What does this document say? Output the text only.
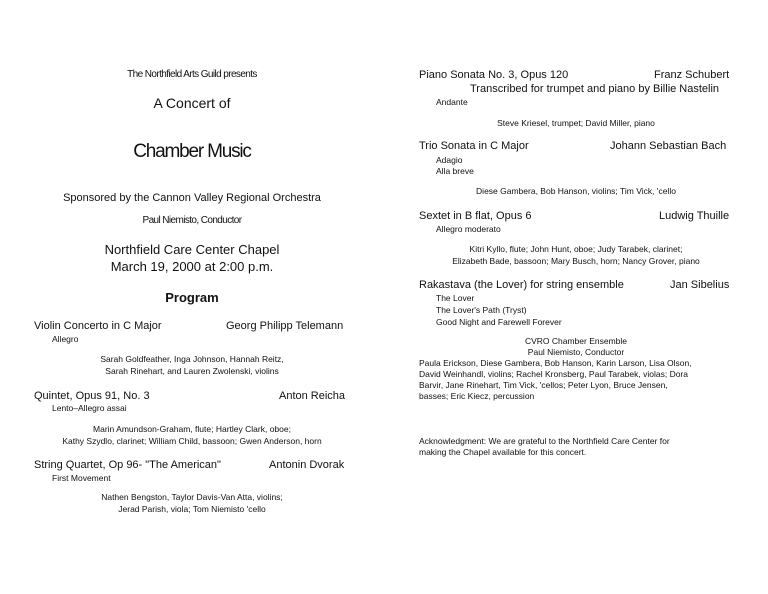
The Northfield Arts Guild presents
A Concert of
Chamber Music
Sponsored by the Cannon Valley Regional Orchestra
Paul Niemisto, Conductor
Northfield Care Center Chapel
March 19, 2000 at 2:00 p.m.
Program
Violin Concerto in C Major	Georg Philipp Telemann
Allegro
Sarah Goldfeather, Inga Johnson, Hannah Reitz,
Sarah Rinehart, and Lauren Zwolenski, violins
Quintet, Opus 91, No. 3	Anton Reicha
Lento–Allegro assai
Marin Amundson-Graham, flute; Hartley Clark, oboe;
Kathy Szydlo, clarinet; William Child, bassoon; Gwen Anderson, horn
String Quartet, Op 96- "The American"	Antonin Dvorak
First Movement
Nathen Bengston, Taylor Davis-Van Atta, violins;
Jerad Parish, viola; Tom Niemisto 'cello
Piano Sonata No. 3, Opus 120	Franz Schubert
Transcribed for trumpet and piano by Billie Nastelin
Andante
Steve Kriesel, trumpet; David Miller, piano
Trio Sonata in C Major	Johann Sebastian Bach
Adagio
Alla breve
Diese Gambera, Bob Hanson, violins; Tim Vick, 'cello
Sextet in B flat, Opus 6	Ludwig Thuille
Allegro moderato
Kitri Kyllo, flute; John Hunt, oboe; Judy Tarabek, clarinet;
Elizabeth Bade, bassoon; Mary Busch, horn; Nancy Grover, piano
Rakastava (the Lover) for string ensemble	Jan Sibelius
The Lover
The Lover's Path (Tryst)
Good Night and Farewell Forever
CVRO Chamber Ensemble
Paul Niemisto, Conductor
Paula Erickson, Diese Gambera, Bob Hanson, Karin Larson, Lisa Olson,
David Weinhandl, violins; Rachel Kronsberg, Paul Tarabek, violas; Dora
Barvir, Jane Rinehart, Tim Vick, 'cellos; Peter Lyon, Bruce Jensen,
basses; Eric Kiecz, percussion
Acknowledgment: We are grateful to the Northfield Care Center for
making the Chapel available for this concert.
